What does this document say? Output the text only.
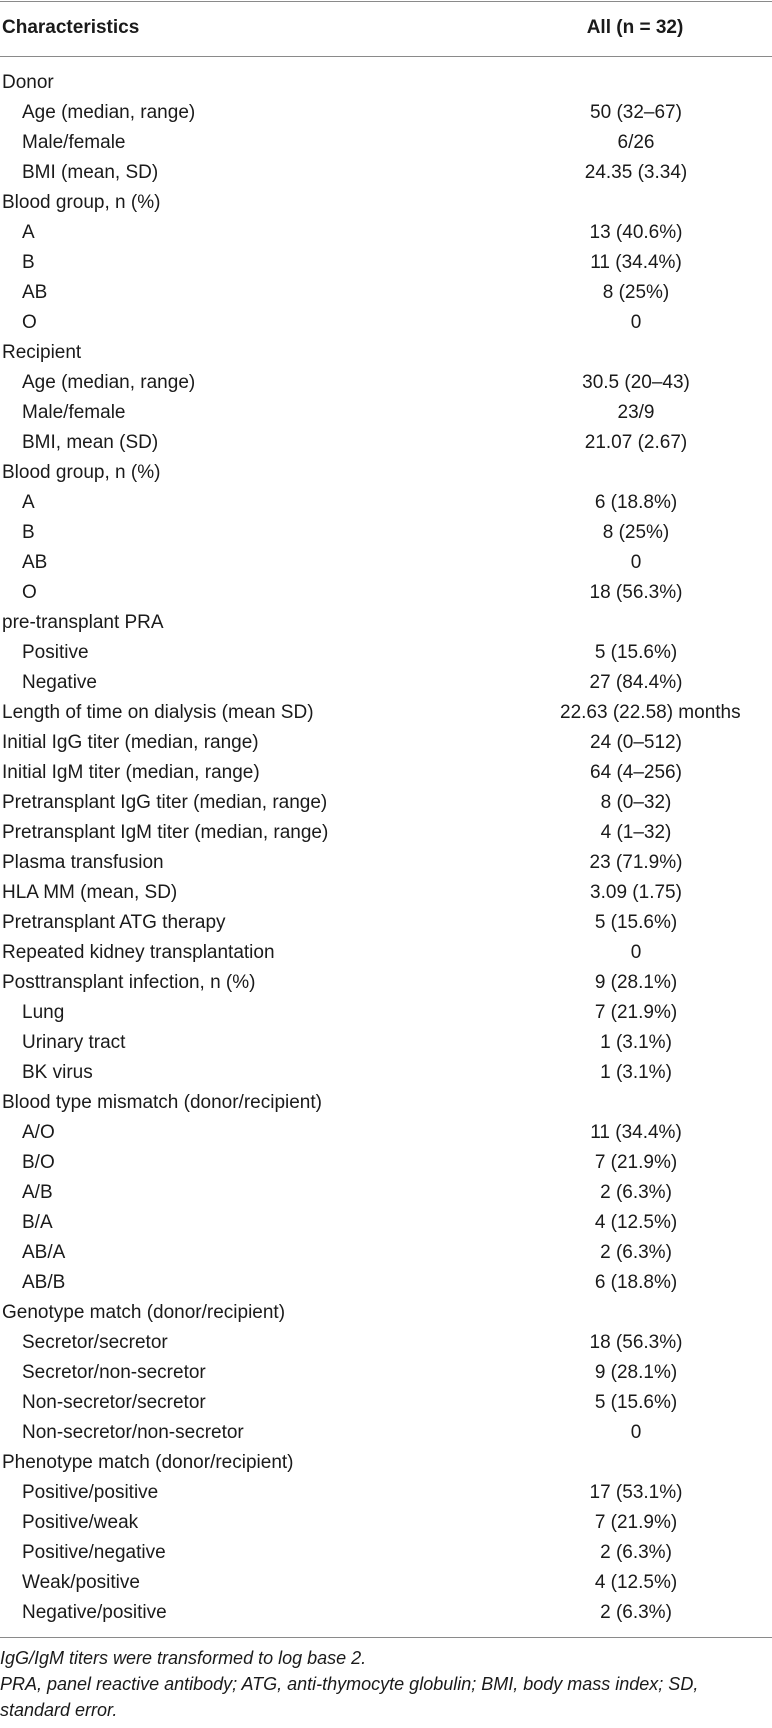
Characteristics	All (n = 32)
Donor
Age (median, range)	50 (32–67)
Male/female	6/26
BMI (mean, SD)	24.35 (3.34)
Blood group, n (%)
A	13 (40.6%)
B	11 (34.4%)
AB	8 (25%)
O	0
Recipient
Age (median, range)	30.5 (20–43)
Male/female	23/9
BMI, mean (SD)	21.07 (2.67)
Blood group, n (%)
A	6 (18.8%)
B	8 (25%)
AB	0
O	18 (56.3%)
pre-transplant PRA
Positive	5 (15.6%)
Negative	27 (84.4%)
Length of time on dialysis (mean SD)	22.63 (22.58) months
Initial IgG titer (median, range)	24 (0–512)
Initial IgM titer (median, range)	64 (4–256)
Pretransplant IgG titer (median, range)	8 (0–32)
Pretransplant IgM titer (median, range)	4 (1–32)
Plasma transfusion	23 (71.9%)
HLA MM (mean, SD)	3.09 (1.75)
Pretransplant ATG therapy	5 (15.6%)
Repeated kidney transplantation	0
Posttransplant infection, n (%)	9 (28.1%)
Lung	7 (21.9%)
Urinary tract	1 (3.1%)
BK virus	1 (3.1%)
Blood type mismatch (donor/recipient)
A/O	11 (34.4%)
B/O	7 (21.9%)
A/B	2 (6.3%)
B/A	4 (12.5%)
AB/A	2 (6.3%)
AB/B	6 (18.8%)
Genotype match (donor/recipient)
Secretor/secretor	18 (56.3%)
Secretor/non-secretor	9 (28.1%)
Non-secretor/secretor	5 (15.6%)
Non-secretor/non-secretor	0
Phenotype match (donor/recipient)
Positive/positive	17 (53.1%)
Positive/weak	7 (21.9%)
Positive/negative	2 (6.3%)
Weak/positive	4 (12.5%)
Negative/positive	2 (6.3%)

IgG/IgM titers were transformed to log base 2.

PRA, panel reactive antibody; ATG, anti-thymocyte globulin; BMI, body mass index; SD, standard error.
